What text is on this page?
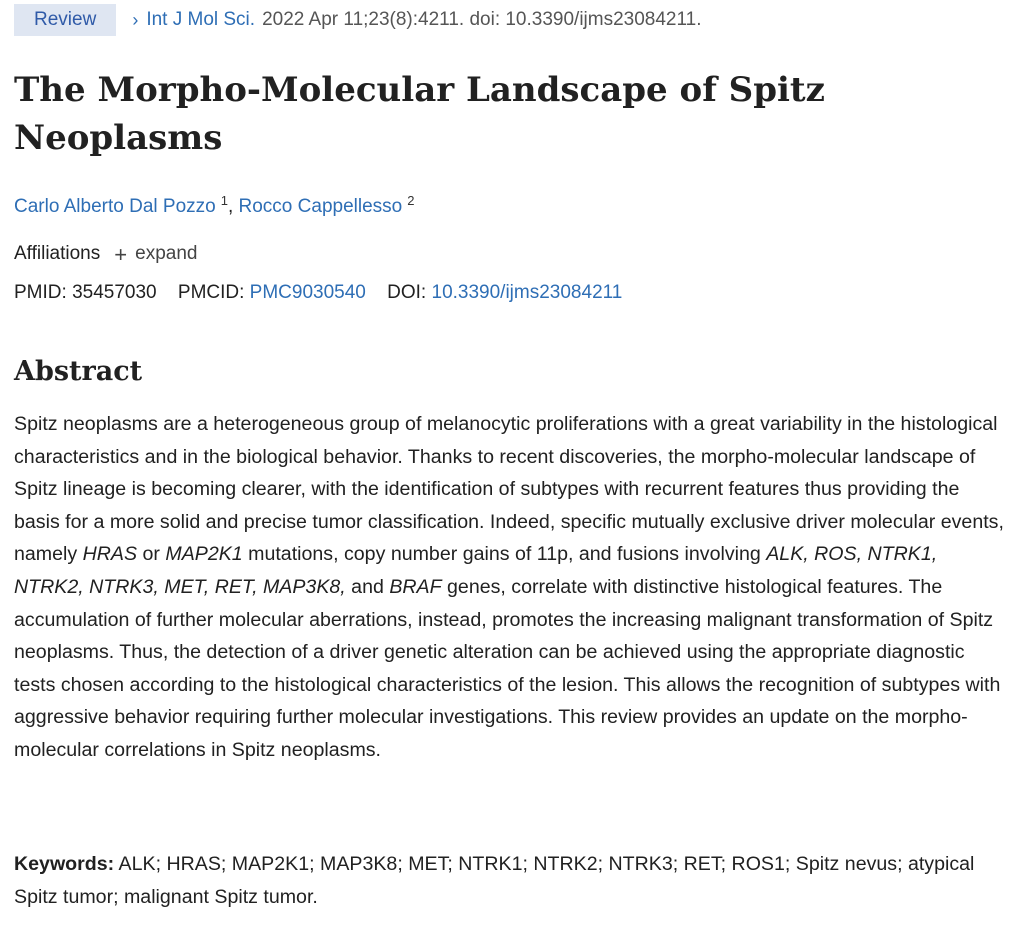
Review	› Int J Mol Sci. 2022 Apr 11;23(8):4211. doi: 10.3390/ijms23084211.
The Morpho-Molecular Landscape of Spitz Neoplasms
Carlo Alberto Dal Pozzo $^1$, Rocco Cappellesso $^2$
Affiliations + expand
PMID: 35457030 PMCID: PMC9030540 DOI: 10.3390/ijms23084211
Abstract

Spitz neoplasms are a heterogeneous group of melanocytic proliferations with a great variability in the histological characteristics and in the biological behavior. Thanks to recent discoveries, the morpho-molecular landscape of Spitz lineage is becoming clearer, with the identification of subtypes with recurrent features thus providing the basis for a more solid and precise tumor classification. Indeed, specific mutually exclusive driver molecular events, namely HRAS or MAP2K1 mutations, copy number gains of 11p, and fusions involving ALK, ROS, NTRK1, NTRK2, NTRK3, MET, RET, MAP3K8, and BRAF genes, correlate with distinctive histological features. The accumulation of further molecular aberrations, instead, promotes the increasing malignant transformation of Spitz neoplasms. Thus, the detection of a driver genetic alteration can be achieved using the appropriate diagnostic tests chosen according to the histological characteristics of the lesion. This allows the recognition of subtypes with aggressive behavior requiring further molecular investigations. This review provides an update on the morpho-molecular correlations in Spitz neoplasms.

Keywords: ALK; HRAS; MAP2K1; MAP3K8; MET; NTRK1; NTRK2; NTRK3; RET; ROS1; Spitz nevus; atypical Spitz tumor; malignant Spitz tumor.
